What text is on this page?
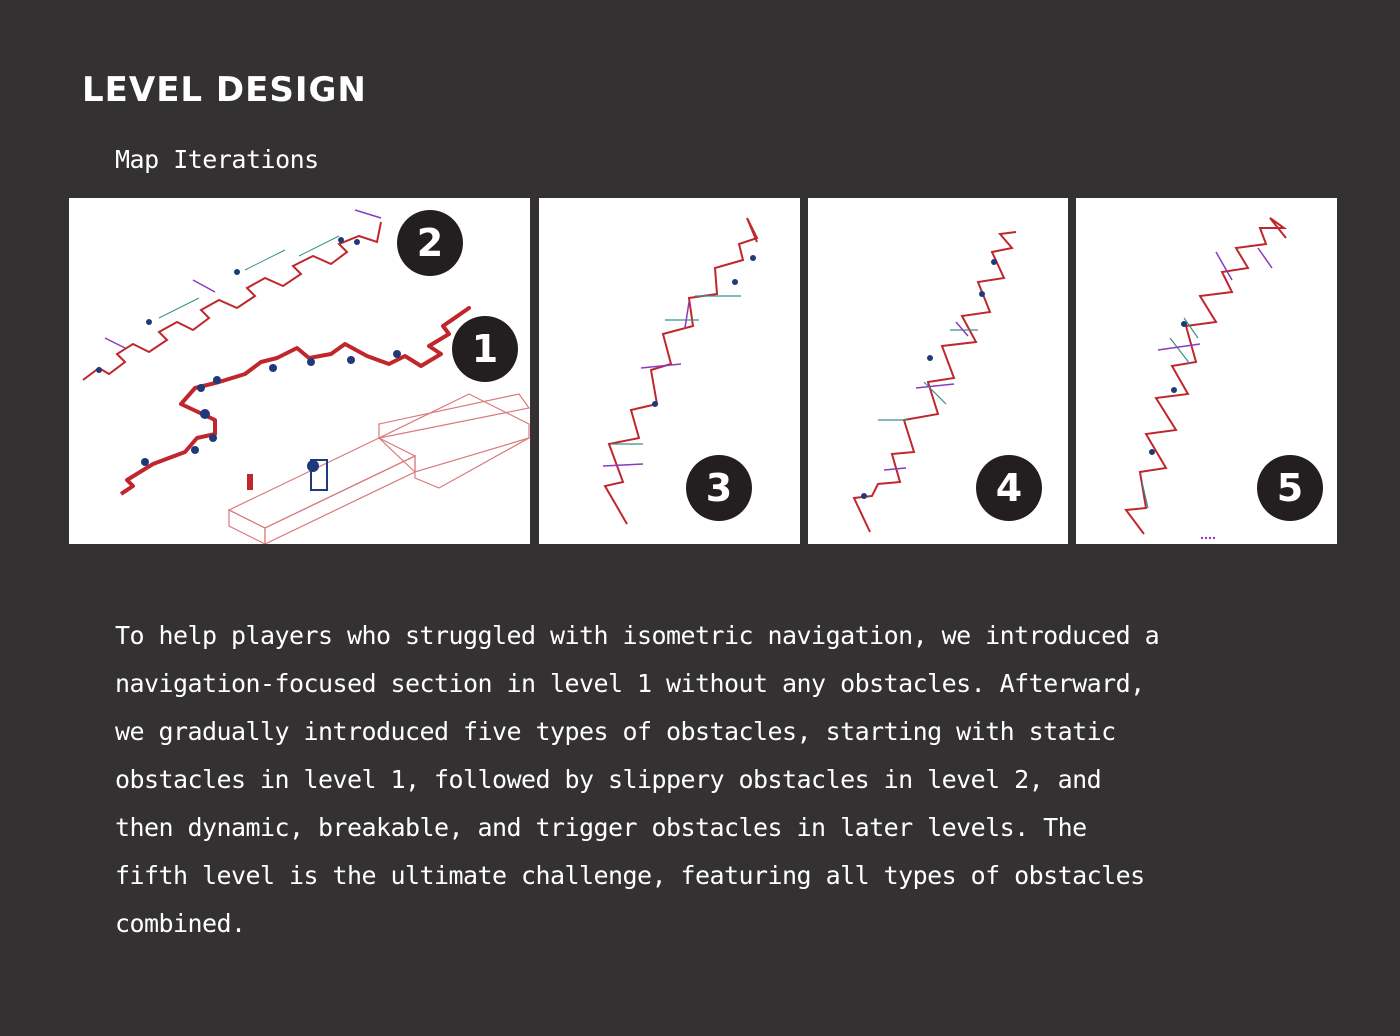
LEVEL DESIGN
Map Iterations
2
1
3	4	5
To help players who struggled with isometric navigation, we introduced a
navigation-focused section in level 1 without any obstacles. Afterward,
we gradually introduced five types of obstacles, starting with static
obstacles in level 1, followed by slippery obstacles in level 2, and
then dynamic, breakable, and trigger obstacles in later levels. The
fifth level is the ultimate challenge, featuring all types of obstacles
combined.
